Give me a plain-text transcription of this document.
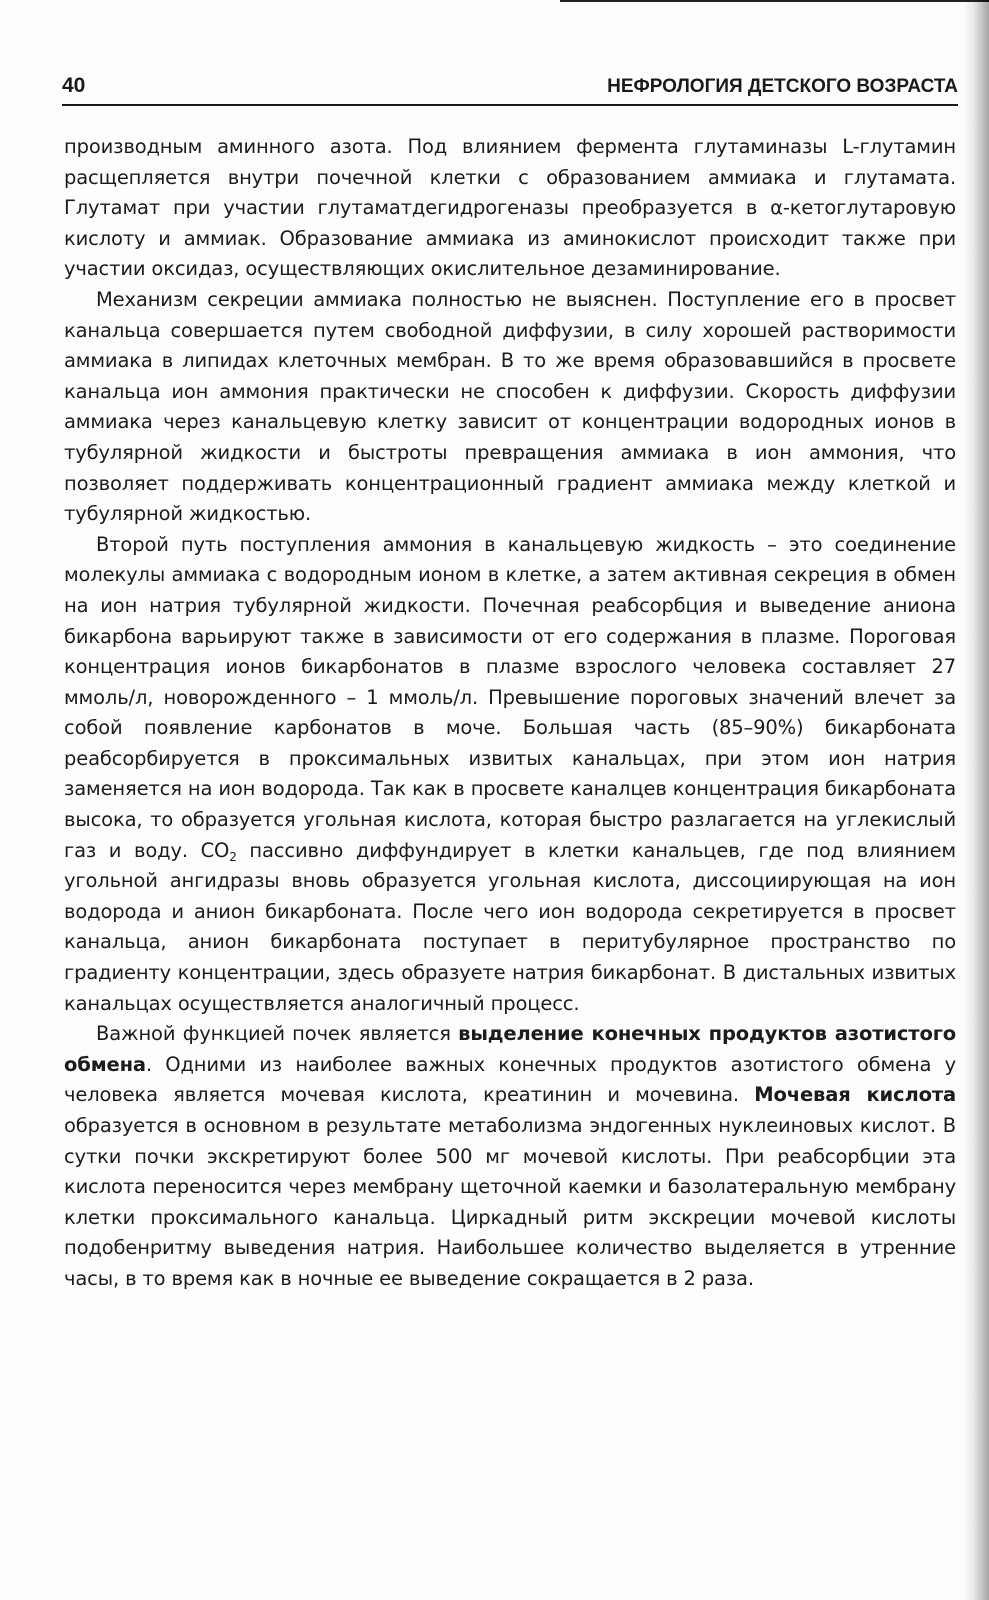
40	НЕФРОЛОГИЯ ДЕТСКОГО ВОЗРАСТА

производным аминного азота. Под влиянием фермента глутаминазы L-глутамин расщепляется внутри почечной клетки с образованием аммиака и глутамата. Глутамат при участии глутаматдегидрогеназы преобразуется в α-кетоглутаровую кислоту и аммиак. Образование аммиака из аминокислот происходит также при участии оксидаз, осуществляющих окислительное дезаминирование.

Механизм секреции аммиака полностью не выяснен. Поступление его в просвет канальца совершается путем свободной диффузии, в силу хорошей растворимости аммиака в липидах клеточных мембран. В то же время образовавшийся в просвете канальца ион аммония практически не способен к диффузии. Скорость диффузии аммиака через канальцевую клетку зависит от концентрации водородных ионов в тубулярной жидкости и быстроты превращения аммиака в ион аммония, что позволяет поддерживать концентрационный градиент аммиака между клеткой и тубулярной жидкостью.

Второй путь поступления аммония в канальцевую жидкость – это соединение молекулы аммиака с водородным ионом в клетке, а затем активная секреция в обмен на ион натрия тубулярной жидкости. Почечная реабсорбция и выведение аниона бикарбона варьируют также в зависимости от его содержания в плазме. Пороговая концентрация ионов бикарбонатов в плазме взрослого человека составляет 27 ммоль/л, новорожденного – 1 ммоль/л. Превышение пороговых значений влечет за собой появление карбонатов в моче. Большая часть (85–90%) бикарбоната реабсорбируется в проксимальных извитых канальцах, при этом ион натрия заменяется на ион водорода. Так как в просвете каналцев концентрация бикарбоната высока, то образуется угольная кислота, которая быстро разлагается на углекислый газ и воду. $CO_2$ пассивно диффундирует в клетки канальцев, где под влиянием угольной ангидразы вновь образуется угольная кислота, диссоциирующая на ион водорода и анион бикарбоната. После чего ион водорода секретируется в просвет канальца, анион бикарбоната поступает в перитубулярное пространство по градиенту концентрации, здесь образуете натрия бикарбонат. В дистальных извитых канальцах осуществляется аналогичный процесс.

Важной функцией почек является выделение конечных продуктов азотистого обмена. Одними из наиболее важных конечных продуктов азотистого обмена у человека является мочевая кислота, креатинин и мочевина. Мочевая кислота образуется в основном в результате метаболизма эндогенных нуклеиновых кислот. В сутки почки экскретируют более 500 мг мочевой кислоты. При реабсорбции эта кислота переносится через мембрану щеточной каемки и базолатеральную мембрану клетки проксимального канальца. Циркадный ритм экскреции мочевой кислоты подобенритму выведения натрия. Наибольшее количество выделяется в утренние часы, в то время как в ночные ее выведение сокращается в 2 раза.
